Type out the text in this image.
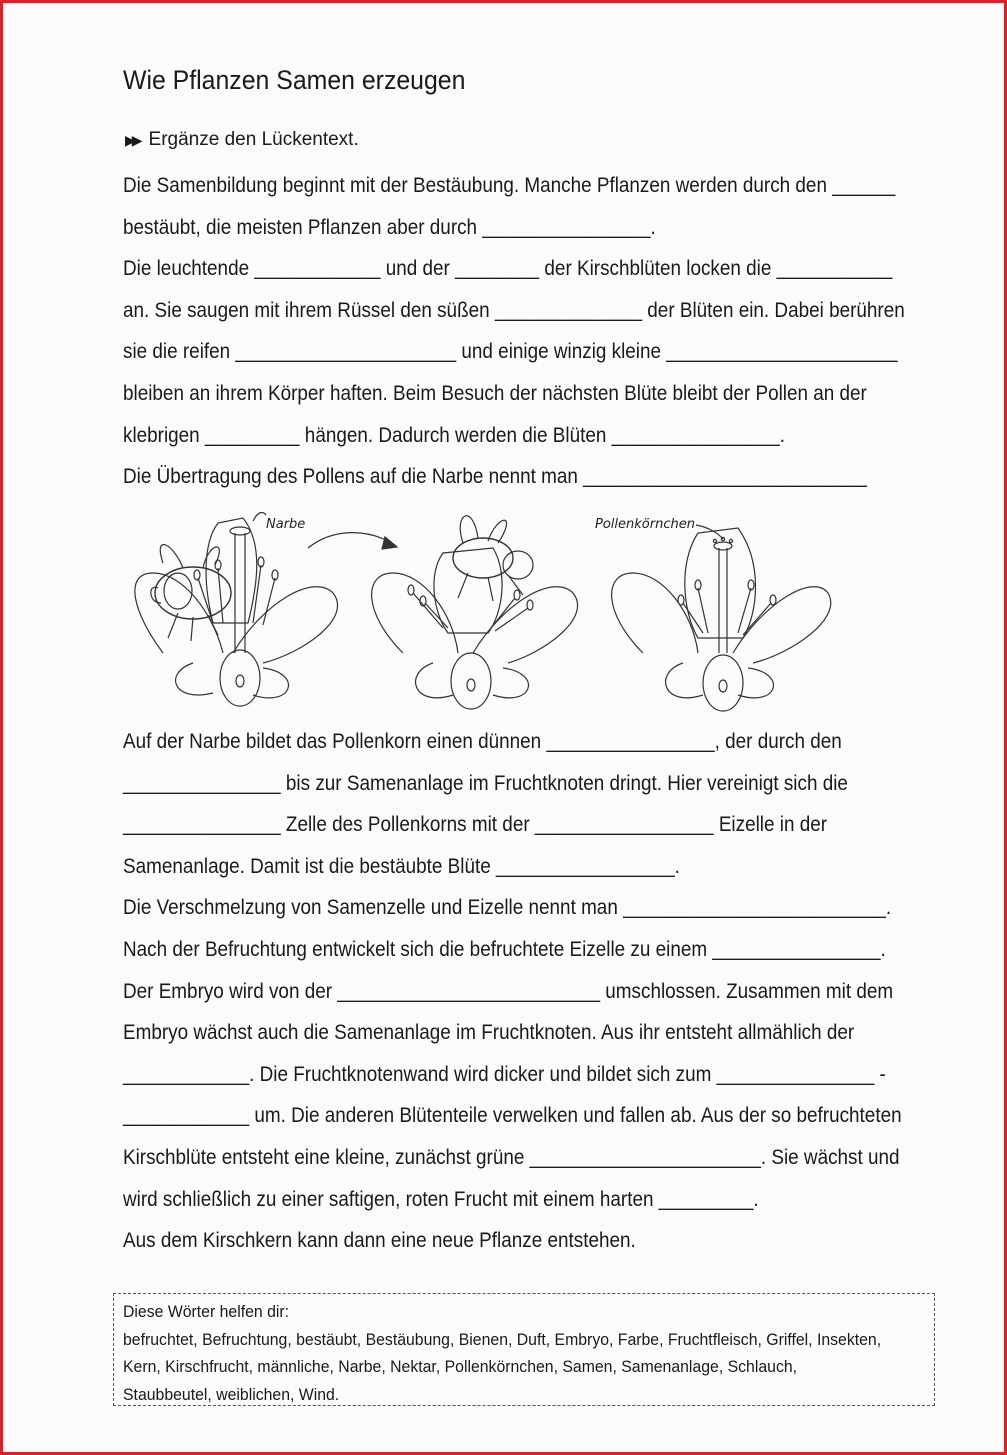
Wie Pflanzen Samen erzeugen
▶▶ Ergänze den Lückentext.
Die Samenbildung beginnt mit der Bestäubung. Manche Pflanzen werden durch den ______
bestäubt, die meisten Pflanzen aber durch ________________.
Die leuchtende ____________ und der ________ der Kirschblüten locken die ___________
an. Sie saugen mit ihrem Rüssel den süßen ______________ der Blüten ein. Dabei berühren
sie die reifen _____________________ und einige winzig kleine ______________________
bleiben an ihrem Körper haften. Beim Besuch der nächsten Blüte bleibt der Pollen an der
klebrigen _________ hängen. Dadurch werden die Blüten ________________.
Die Übertragung des Pollens auf die Narbe nennt man ___________________________
Narbe	Pollenkörnchen
Auf der Narbe bildet das Pollenkorn einen dünnen ________________, der durch den
_______________ bis zur Samenanlage im Fruchtknoten dringt. Hier vereinigt sich die
_______________ Zelle des Pollenkorns mit der _________________ Eizelle in der
Samenanlage. Damit ist die bestäubte Blüte _________________.
Die Verschmelzung von Samenzelle und Eizelle nennt man _________________________.
Nach der Befruchtung entwickelt sich die befruchtete Eizelle zu einem ________________.
Der Embryo wird von der _________________________ umschlossen. Zusammen mit dem
Embryo wächst auch die Samenanlage im Fruchtknoten. Aus ihr entsteht allmählich der
____________. Die Fruchtknotenwand wird dicker und bildet sich zum _______________ -
____________ um. Die anderen Blütenteile verwelken und fallen ab. Aus der so befruchteten
Kirschblüte entsteht eine kleine, zunächst grüne ______________________. Sie wächst und
wird schließlich zu einer saftigen, roten Frucht mit einem harten _________.
Aus dem Kirschkern kann dann eine neue Pflanze entstehen.
Diese Wörter helfen dir:
befruchtet, Befruchtung, bestäubt, Bestäubung, Bienen, Duft, Embryo, Farbe, Fruchtfleisch, Griffel, Insekten,
Kern, Kirschfrucht, männliche, Narbe, Nektar, Pollenkörnchen, Samen, Samenanlage, Schlauch,
Staubbeutel, weiblichen, Wind.
